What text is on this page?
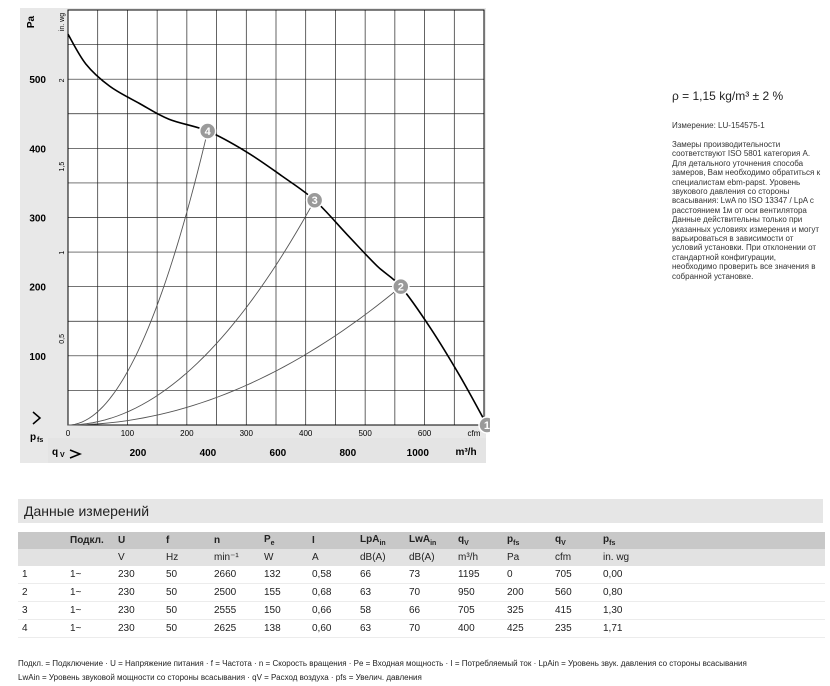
1
2
3
4
0	100	200	300	400	500	600
200	400	600	800	1000
100
200
300
400
500
0,5
1
1,5
2
Pa	in. wg
cfm
m³/h
p fs
q V
ρ = 1,15 kg/m³ ± 2 %
Измерение: LU-154575-1
Замеры производительности соответствуют ISO 5801 категория А. Для детального уточнения способа замеров, Вам необходимо обратиться к специалистам ebm-papst. Уровень звукового давления со стороны всасывания: LwA по ISO 13347 / LpA с расстоянием 1м от оси вентилятора Данные действительны только при указанных условиях измерения и могут варьироваться в зависимости от условий установки. При отклонении от стандартной конфигурации, необходимо проверить все значения в собранной установке.
Данные измерений
	Подкл.	U	f	n	$P_e$	I	LpA$_{in}$	LwA$_{in}$	$q_V$	$p_{fs}$	$q_V$	$p_{fs}$
		V	Hz	min⁻¹	W	A	dB(A)	dB(A)	m³/h	Pa	cfm	in. wg
1	1~	230	50	2660	132	0,58	66	73	1195	0	705	0,00
2	1~	230	50	2500	155	0,68	63	70	950	200	560	0,80
3	1~	230	50	2555	150	0,66	58	66	705	325	415	1,30
4	1~	230	50	2625	138	0,60	63	70	400	425	235	1,71
Подкл. = Подключение · U = Напряжение питания · f = Частота · n = Скорость вращения · Pe = Входная мощность · I = Потребляемый ток · LpAin = Уровень звук. давления со стороны всасывания
LwAin = Уровень звуковой мощности со стороны всасывания · qV = Расход воздуха · pfs = Увелич. давления
